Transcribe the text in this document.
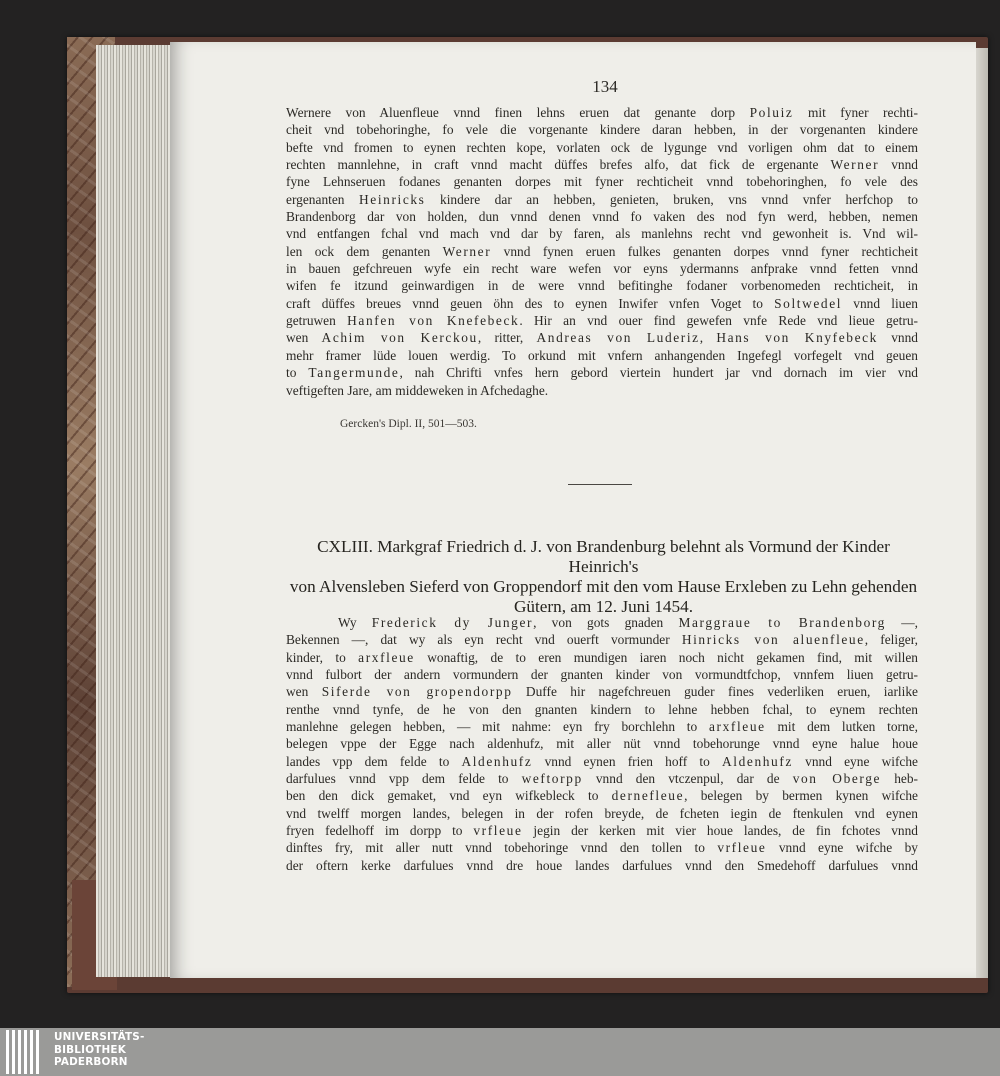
134
Wernere von Aluenfleue vnnd finen lehns eruen dat genante dorp Poluiz mit fyner rechti-
cheit vnd tobehoringhe, fo vele die vorgenante kindere daran hebben, in der vorgenanten kindere
befte vnd fromen to eynen rechten kope, vorlaten ock de lygunge vnd vorligen ohm dat to einem
rechten mannlehne, in craft vnnd macht düffes brefes alfo, dat fick de ergenante Werner vnnd
fyne Lehnseruen fodanes genanten dorpes mit fyner rechticheit vnnd tobehoringhen, fo vele des
ergenanten Heinricks kindere dar an hebben, genieten, bruken, vns vnnd vnfer herfchop to
Brandenborg dar von holden, dun vnnd denen vnnd fo vaken des nod fyn werd, hebben, nemen
vnd entfangen fchal vnd mach vnd dar by faren, als manlehns recht vnd gewonheit is. Vnd wil-
len ock dem genanten Werner vnnd fynen eruen fulkes genanten dorpes vnnd fyner rechticheit
in bauen gefchreuen wyfe ein recht ware wefen vor eyns ydermanns anfprake vnnd fetten vnnd
wifen fe itzund geinwardigen in de were vnnd befitinghe fodaner vorbenomeden rechticheit, in
craft düffes breues vnnd geuen öhn des to eynen Inwifer vnfen Voget to Soltwedel vnnd liuen
getruwen Hanfen von Knefebeck. Hir an vnd ouer find gewefen vnfe Rede vnd lieue getru-
wen Achim von Kerckou, ritter, Andreas von Luderiz, Hans von Knyfebeck vnnd
mehr framer lüde louen werdig. To orkund mit vnfern anhangenden Ingefegl vorfegelt vnd geuen
to Tangermunde, nah Chrifti vnfes hern gebord viertein hundert jar vnd dornach im vier vnd
veftigeften Jare, am middeweken in Afchedaghe.
Gercken's Dipl. II, 501—503.
CXLIII. Markgraf Friedrich d. J. von Brandenburg belehnt als Vormund der Kinder Heinrich's
von Alvensleben Sieferd von Groppendorf mit den vom Hause Erxleben zu Lehn gehenden
Gütern, am 12. Juni 1454.
Wy Frederick dy Junger, von gots gnaden Marggraue to Brandenborg —,
Bekennen —, dat wy als eyn recht vnd ouerft vormunder Hinricks von aluenfleue, feliger,
kinder, to arxfleue wonaftig, de to eren mundigen iaren noch nicht gekamen find, mit willen
vnnd fulbort der andern vormundern der gnanten kinder von vormundtfchop, vnnfem liuen getru-
wen Siferde von gropendorpp Duffe hir nagefchreuen guder fines vederliken eruen, iarlike
renthe vnnd tynfe, de he von den gnanten kindern to lehne hebben fchal, to eynem rechten
manlehne gelegen hebben, — mit nahme: eyn fry borchlehn to arxfleue mit dem lutken torne,
belegen vppe der Egge nach aldenhufz, mit aller nüt vnnd tobehorunge vnnd eyne halue houe
landes vpp dem felde to Aldenhufz vnnd eynen frien hoff to Aldenhufz vnnd eyne wifche
darfulues vnnd vpp dem felde to weftorpp vnnd den vtczenpul, dar de von Oberge heb-
ben den dick gemaket, vnd eyn wifkebleck to dernefleue, belegen by bermen kynen wifche
vnd twelff morgen landes, belegen in der rofen breyde, de fcheten iegin de ftenkulen vnd eynen
fryen fedelhoff im dorpp to vrfleue jegin der kerken mit vier houe landes, de fin fchotes vnnd
dinftes fry, mit aller nutt vnnd tobehoringe vnnd den tollen to vrfleue vnnd eyne wifche by
der oftern kerke darfulues vnnd dre houe landes darfulues vnnd den Smedehoff darfulues vnnd
UNIVERSITÄTS-
BIBLIOTHEK
PADERBORN
